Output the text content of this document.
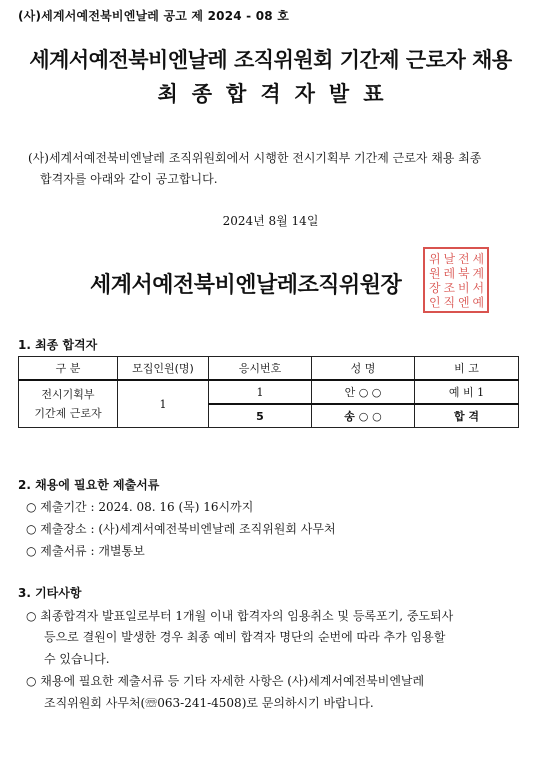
(사)세계서예전북비엔날레 공고 제 2024 - 08 호
세계서예전북비엔날레 조직위원회 기간제 근로자 채용
최종합격자발표
(사)세계서예전북비엔날레 조직위원회에서 시행한 전시기획부 기간제 근로자 채용 최종
합격자를 아래와 같이 공고합니다.
2024년 8월 14일
세계서예전북비엔날레조직위원장
세
계
서
예
전
북
비
엔
날
레
조
직
위
원
장
인
1. 최종 합격자
구 분	모집인원(명)	응시번호	성 명	비 고
전시기획부
기간제 근로자	1	1	안 ○ ○	예 비 1
		5	송 ○ ○	합 격
2. 채용에 필요한 제출서류
○ 제출기간 : 2024. 08. 16 (목) 16시까지
○ 제출장소 : (사)세계서예전북비엔날레 조직위원회 사무처
○ 제출서류 : 개별통보
3. 기타사항
○ 최종합격자 발표일로부터 1개월 이내 합격자의 임용취소 및 등록포기, 중도퇴사
등으로 결원이 발생한 경우 최종 예비 합격자 명단의 순번에 따라 추가 임용할
수 있습니다.
○ 채용에 필요한 제출서류 등 기타 자세한 사항은 (사)세계서예전북비엔날레
조직위원회 사무처(☏063-241-4508)로 문의하시기 바랍니다.
